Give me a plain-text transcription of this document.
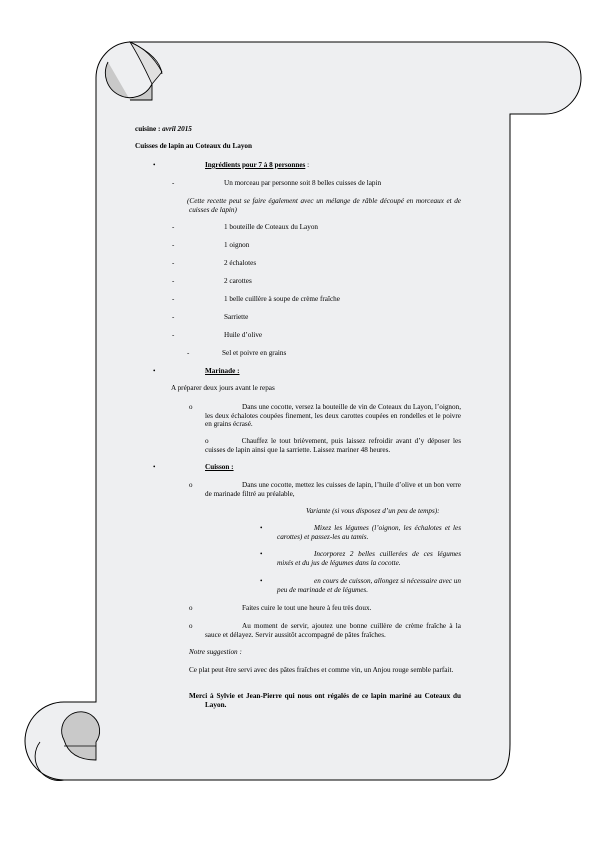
cuisine : avril 2015
Cuisses de lapin au Coteaux du Layon
•	Ingrédients pour 7 à 8 personnes :
-	Un morceau par personne soit 8 belles cuisses de lapin
(Cette recette peut se faire également avec un mélange de râble découpé en morceaux et de cuisses de lapin)
-	1 bouteille de Coteaux du Layon
-	1 oignon
-	2 échalotes
-	2 carottes
-	1 belle cuillère à soupe de crème fraîche
-	Sarriette
-	Huile d’olive
-	Sel et poivre en grains
•	Marinade :
A préparer deux jours avant le repas
o	Dans une cocotte, versez la bouteille de vin de Coteaux du Layon, l’oignon, les deux échalotes coupées finement, les deux carottes coupées en rondelles et le poivre en grains écrasé.
o	Chauffez le tout brièvement, puis laissez refroidir avant d’y déposer les cuisses de lapin ainsi que la sarriette. Laissez mariner 48 heures.
•	Cuisson :
o	Dans une cocotte, mettez les cuisses de lapin, l’huile d’olive et un bon verre de marinade filtré au préalable,
Variante (si vous disposez d’un peu de temps):
•	Mixez les légumes (l’oignon, les échalotes et les carottes) et passez-les au tamis.
•	Incorporez 2 belles cuillerées de ces légumes mixés et du jus de légumes dans la cocotte.
•	en cours de cuisson, allongez si nécessaire avec un peu de marinade et de légumes.
o	Faites cuire le tout une heure à feu très doux.
o	Au moment de servir, ajoutez une bonne cuillère de crème fraîche à la sauce et délayez. Servir aussitôt accompagné de pâtes fraîches.
Notre suggestion :
Ce plat peut être servi avec des pâtes fraîches et comme vin, un Anjou rouge semble parfait.
Merci à Sylvie et Jean-Pierre qui nous ont régalés de ce lapin mariné au Coteaux du Layon.
